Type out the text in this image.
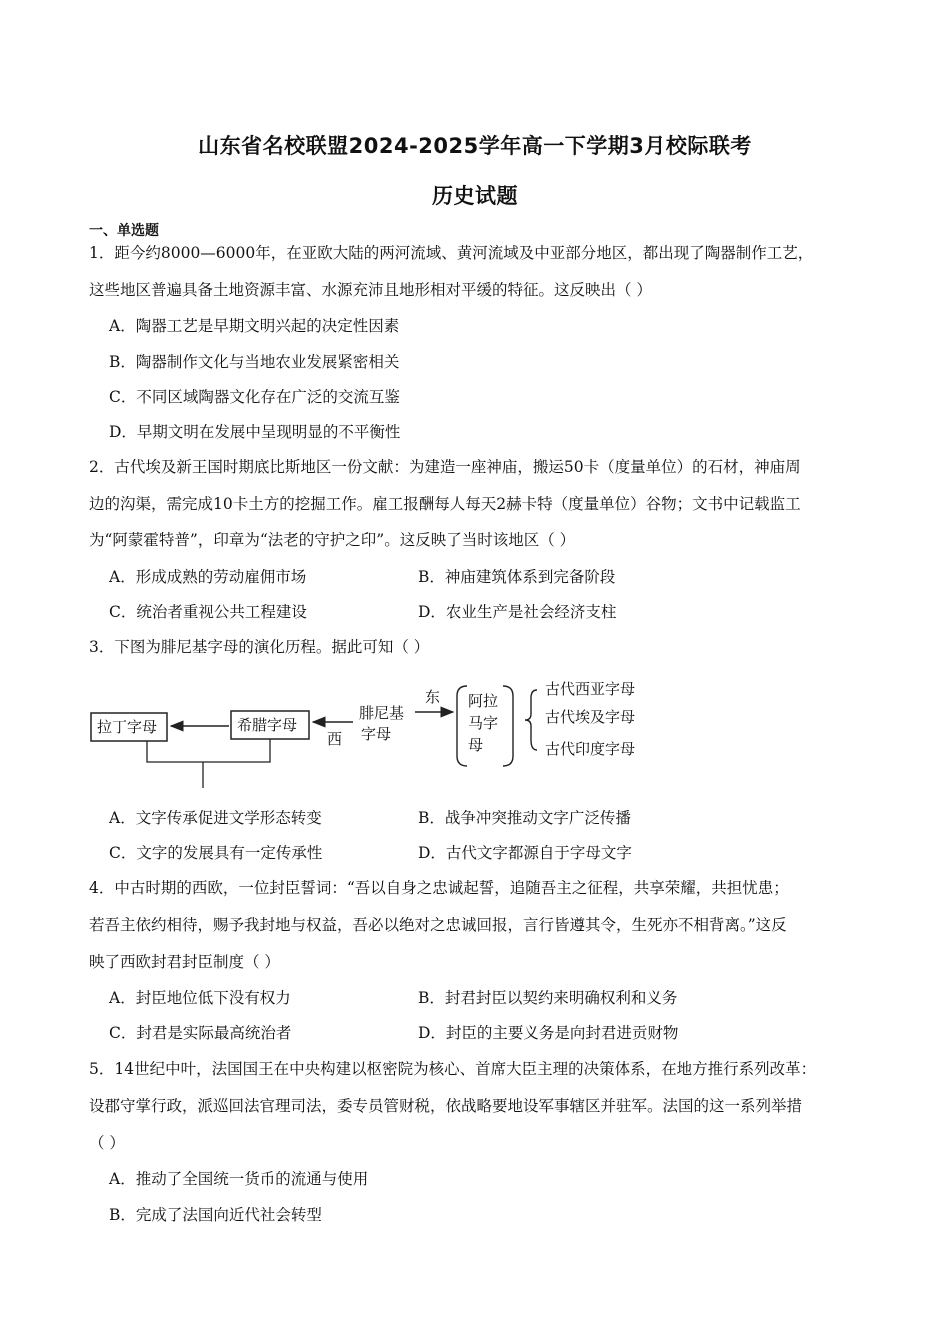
山东省名校联盟2024-2025学年高一下学期3月校际联考
历史试题
一、单选题
1．距今约8000—6000年，在亚欧大陆的两河流域、黄河流域及中亚部分地区，都出现了陶器制作工艺，
这些地区普遍具备土地资源丰富、水源充沛且地形相对平缓的特征。这反映出（ ）
A．陶器工艺是早期文明兴起的决定性因素
B．陶器制作文化与当地农业发展紧密相关
C．不同区域陶器文化存在广泛的交流互鉴
D．早期文明在发展中呈现明显的不平衡性
2．古代埃及新王国时期底比斯地区一份文献：为建造一座神庙，搬运50卡（度量单位）的石材，神庙周
边的沟渠，需完成10卡土方的挖掘工作。雇工报酬每人每天2赫卡特（度量单位）谷物；文书中记载监工
为“阿蒙霍特普”，印章为“法老的守护之印”。这反映了当时该地区（ ）
A．形成成熟的劳动雇佣市场	B．神庙建筑体系到完备阶段
C．统治者重视公共工程建设	D．农业生产是社会经济支柱
3．下图为腓尼基字母的演化历程。据此可知（ ）
拉丁字母	希腊字母
腓尼基
字母
西
东 阿拉
马字
母
古代西亚字母
古代埃及字母
古代印度字母
A．文字传承促进文学形态转变	B．战争冲突推动文字广泛传播
C．文字的发展具有一定传承性	D．古代文字都源自于字母文字
4．中古时期的西欧，一位封臣誓词：“吾以自身之忠诚起誓，追随吾主之征程，共享荣耀，共担忧患；
若吾主依约相待，赐予我封地与权益，吾必以绝对之忠诚回报，言行皆遵其令，生死亦不相背离。”这反
映了西欧封君封臣制度（ ）
A．封臣地位低下没有权力	B．封君封臣以契约来明确权利和义务
C．封君是实际最高统治者	D．封臣的主要义务是向封君进贡财物
5．14世纪中叶，法国国王在中央构建以枢密院为核心、首席大臣主理的决策体系，在地方推行系列改革：
设郡守掌行政，派巡回法官理司法，委专员管财税，依战略要地设军事辖区并驻军。法国的这一系列举措
（ ）
A．推动了全国统一货币的流通与使用
B．完成了法国向近代社会转型
